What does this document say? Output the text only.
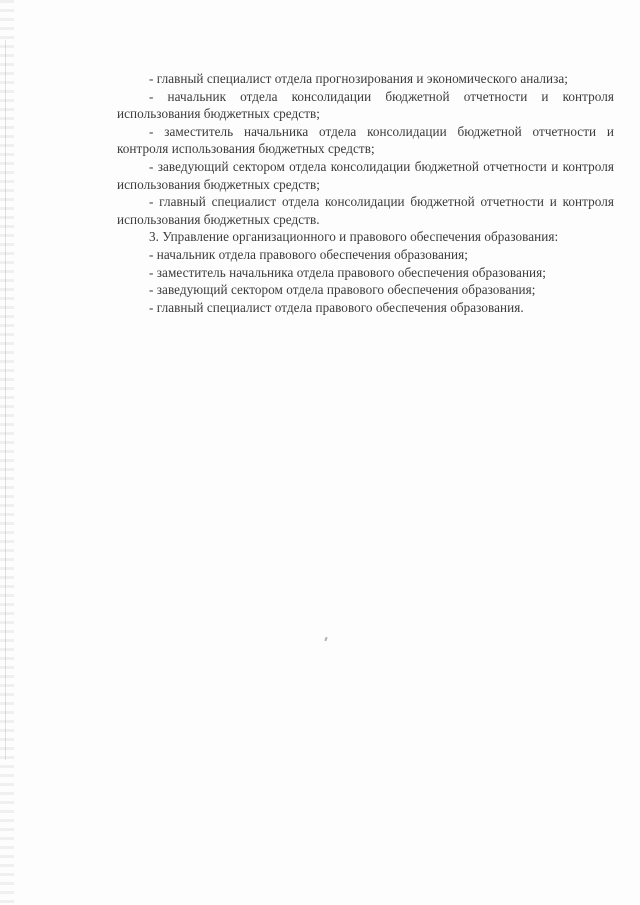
- главный специалист отдела прогнозирования и экономического анализа;

- начальник отдела консолидации бюджетной отчетности и контроля использования бюджетных средств;

- заместитель начальника отдела консолидации бюджетной отчетности и контроля использования бюджетных средств;

- заведующий сектором отдела консолидации бюджетной отчетности и контроля использования бюджетных средств;

- главный специалист отдела консолидации бюджетной отчетности и контроля использования бюджетных средств.

3. Управление организационного и правового обеспечения образования:

- начальник отдела правового обеспечения образования;

- заместитель начальника отдела правового обеспечения образования;

- заведующий сектором отдела правового обеспечения образования;

- главный специалист отдела правового обеспечения образования.
